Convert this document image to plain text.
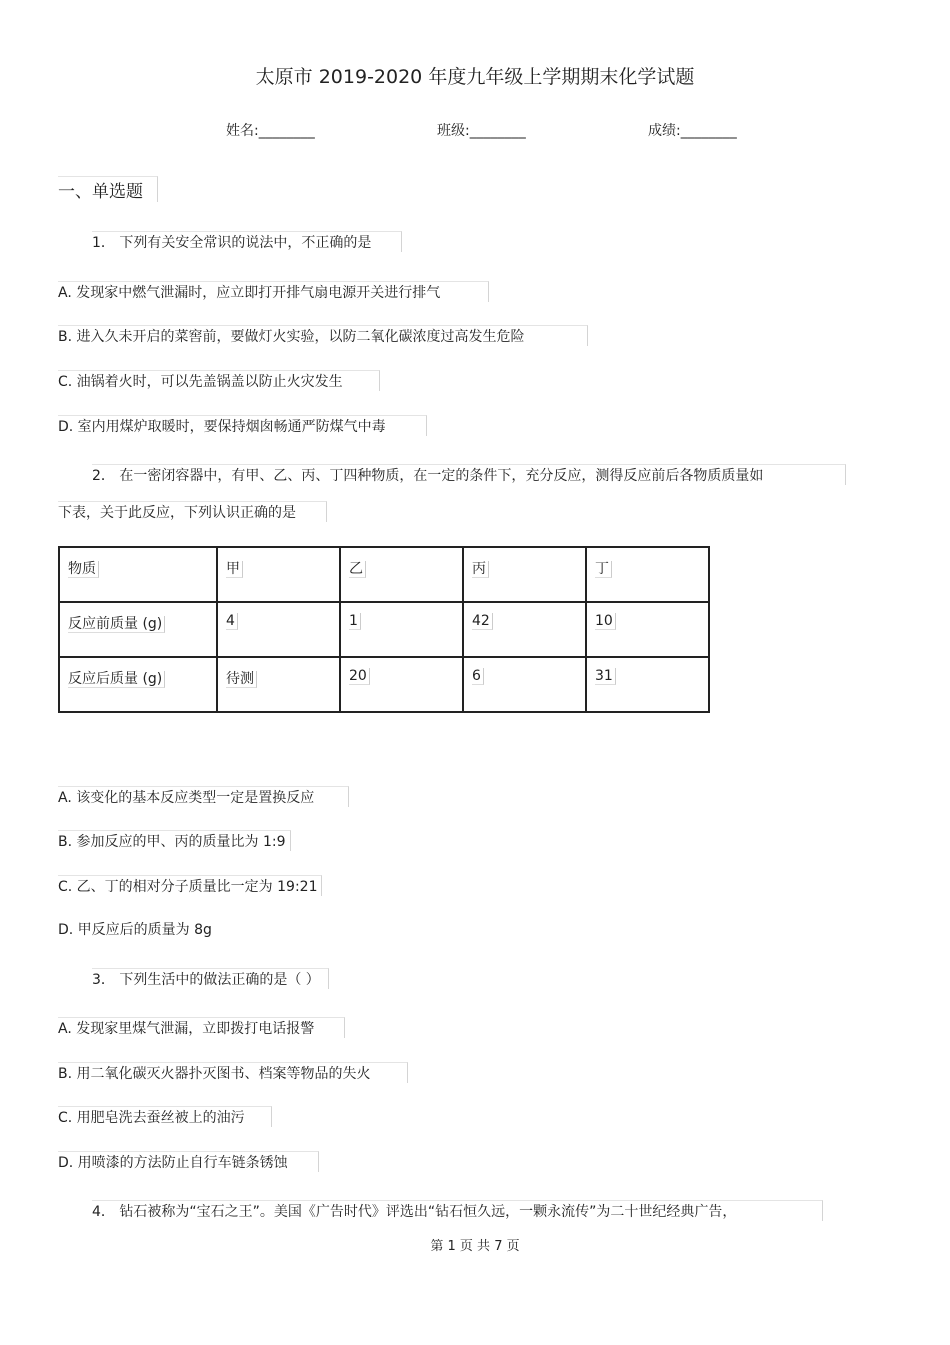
太原市 2019-2020 年度九年级上学期期末化学试题
姓名:________	班级:________	成绩:________
一、单选题
1． 下列有关安全常识的说法中，不正确的是
A. 发现家中燃气泄漏时，应立即打开排气扇电源开关进行排气
B. 进入久未开启的菜窖前，要做灯火实验，以防二氧化碳浓度过高发生危险
C. 油锅着火时，可以先盖锅盖以防止火灾发生
D. 室内用煤炉取暖时，要保持烟囱畅通严防煤气中毒
2． 在一密闭容器中，有甲、乙、丙、丁四种物质，在一定的条件下，充分反应，测得反应前后各物质质量如
下表，关于此反应，下列认识正确的是
物质	甲	乙	丙	丁
反应前质量 (g)	4	1	42	10
反应后质量 (g)	待测	20	6	31
A. 该变化的基本反应类型一定是置换反应
B. 参加反应的甲、丙的质量比为 1:9
C. 乙、丁的相对分子质量比一定为 19:21
D. 甲反应后的质量为 8g
3． 下列生活中的做法正确的是（ ）
A. 发现家里煤气泄漏，立即拨打电话报警
B. 用二氧化碳灭火器扑灭图书、档案等物品的失火
C. 用肥皂洗去蚕丝被上的油污
D. 用喷漆的方法防止自行车链条锈蚀
4． 钻石被称为“宝石之王”。美国《广告时代》评选出“钻石恒久远，一颗永流传”为二十世纪经典广告，
第 1 页 共 7 页
